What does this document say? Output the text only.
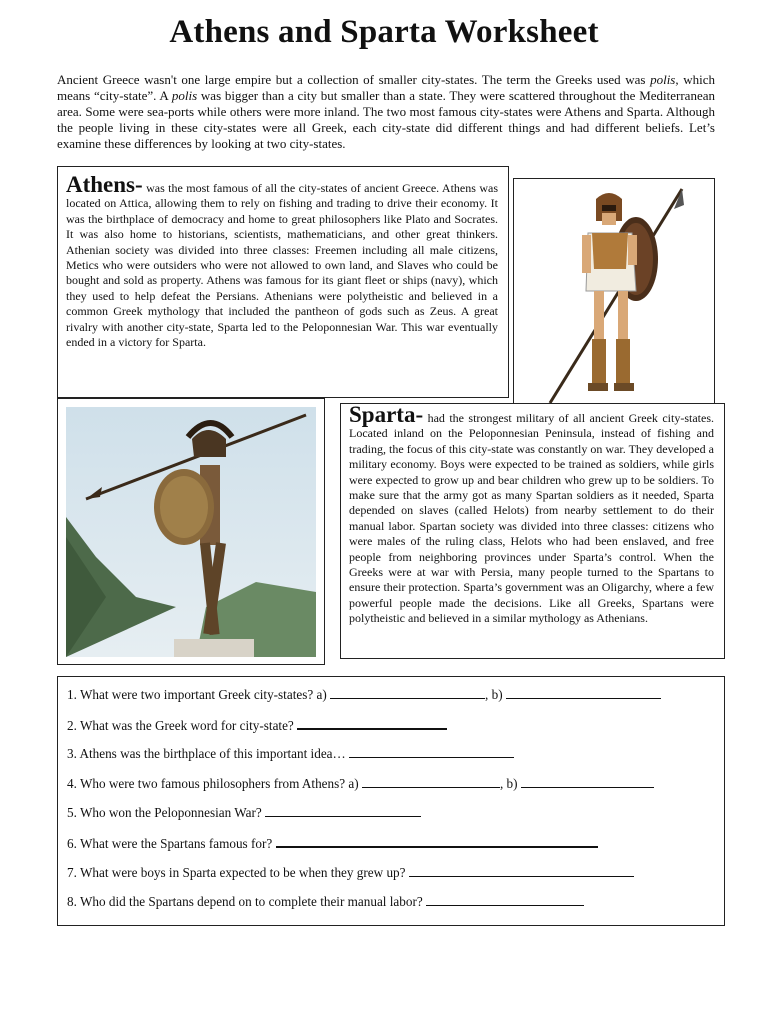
Athens and Sparta Worksheet

Ancient Greece wasn't one large empire but a collection of smaller city-states. The term the Greeks used was polis, which means “city-state”. A polis was bigger than a city but smaller than a state. They were scattered throughout the Mediterranean area. Some were sea-ports while others were more inland. The two most famous city-states were Athens and Sparta. Although the people living in these city-states were all Greek, each city-state did different things and had different beliefs. Let’s examine these differences by looking at two city-states.

Athens- was the most famous of all the city-states of ancient Greece. Athens was located on Attica, allowing them to rely on fishing and trading to drive their economy. It was the birthplace of democracy and home to great philosophers like Plato and Socrates. It was also home to historians, scientists, mathematicians, and other great thinkers. Athenian society was divided into three classes: Freemen including all male citizens, Metics who were outsiders who were not allowed to own land, and Slaves who could be bought and sold as property. Athens was famous for its giant fleet or ships (navy), which they used to help defeat the Persians. Athenians were polytheistic and believed in a common Greek mythology that included the pantheon of gods such as Zeus. A great rivalry with another city-state, Sparta led to the Peloponnesian War. This war eventually ended in a victory for Sparta.

Sparta- had the strongest military of all ancient Greek city-states. Located inland on the Peloponnesian Peninsula, instead of fishing and trading, the focus of this city-state was constantly on war. They developed a military economy. Boys were expected to be trained as soldiers, while girls were expected to grow up and bear children who grew up to be soldiers. To make sure that the army got as many Spartan soldiers as it needed, Sparta depended on slaves (called Helots) from nearby settlement to do their manual labor. Spartan society was divided into three classes: citizens who were males of the ruling class, Helots who had been enslaved, and free people from neighboring provinces under Sparta’s control. When the Greeks were at war with Persia, many people turned to the Spartans to ensure their protection. Sparta’s government was an Oligarchy, where a few powerful people made the decisions. Like all Greeks, Spartans were polytheistic and believed in a similar mythology as Athenians.

1. What were two important Greek city-states? a)	, b)
2. What was the Greek word for city-state?
3. Athens was the birthplace of this important idea…
4. Who were two famous philosophers from Athens? a)	, b)
5. Who won the Peloponnesian War?
6. What were the Spartans famous for?
7. What were boys in Sparta expected to be when they grew up?
8. Who did the Spartans depend on to complete their manual labor?
